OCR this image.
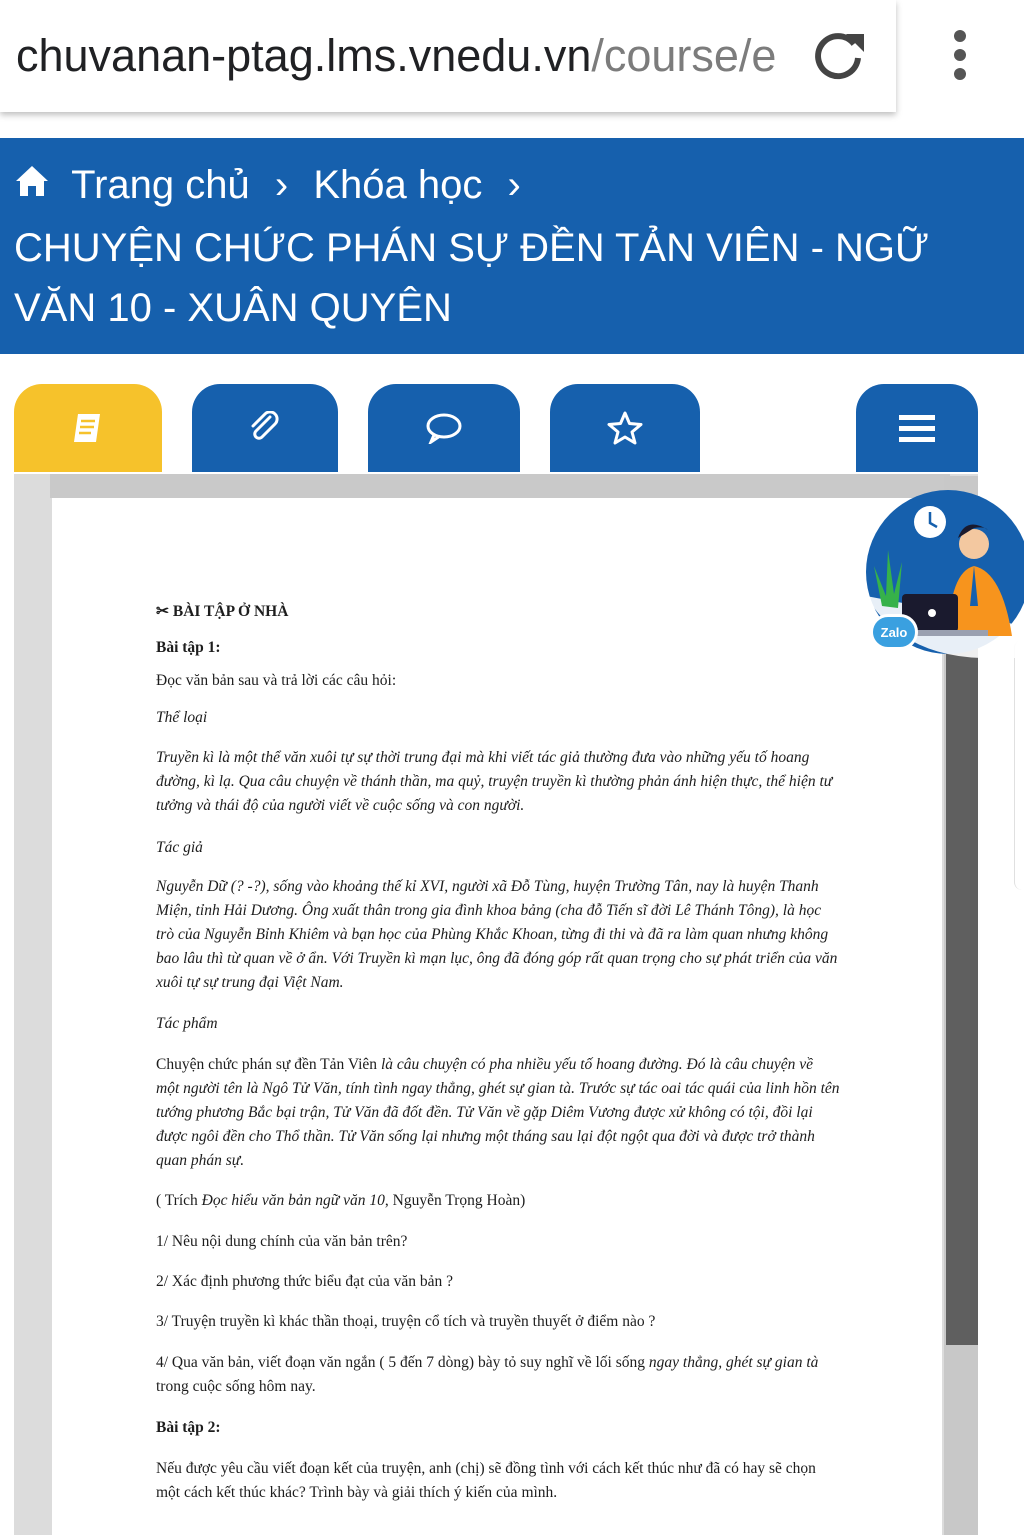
chuvanan-ptag.lms.vnedu.vn/course/e
Trang chủ › Khóa học ›
CHUYỆN CHỨC PHÁN SỰ ĐỀN TẢN VIÊN - NGỮ VĂN 10 - XUÂN QUYÊN

✂ BÀI TẬP Ở NHÀ

Bài tập 1:

Đọc văn bản sau và trả lời các câu hỏi:

Thể loại

Truyền kì là một thể văn xuôi tự sự thời trung đại mà khi viết tác giả thường đưa vào những yếu tố hoang đường, kì lạ. Qua câu chuyện về thánh thần, ma quỷ, truyện truyền kì thường phản ánh hiện thực, thể hiện tư tưởng và thái độ của người viết về cuộc sống và con người.

Tác giả

Nguyễn Dữ (? -?), sống vào khoảng thế kỉ XVI, người xã Đỗ Tùng, huyện Trường Tân, nay là huyện Thanh Miện, tỉnh Hải Dương. Ông xuất thân trong gia đình khoa bảng (cha đỗ Tiến sĩ đời Lê Thánh Tông), là học trò của Nguyễn Bỉnh Khiêm và bạn học của Phùng Khắc Khoan, từng đi thi và đã ra làm quan nhưng không bao lâu thì từ quan về ở ẩn. Với Truyền kì mạn lục, ông đã đóng góp rất quan trọng cho sự phát triển của văn xuôi tự sự trung đại Việt Nam.

Tác phẩm

Chuyện chức phán sự đền Tản Viên là câu chuyện có pha nhiều yếu tố hoang đường. Đó là câu chuyện về một người tên là Ngô Tử Văn, tính tình ngay thẳng, ghét sự gian tà. Trước sự tác oai tác quái của linh hồn tên tướng phương Bắc bại trận, Tử Văn đã đốt đền. Tử Văn về gặp Diêm Vương được xử không có tội, đồi lại được ngôi đền cho Thổ thần. Tử Văn sống lại nhưng một tháng sau lại đột ngột qua đời và được trở thành quan phán sự.

( Trích Đọc hiểu văn bản ngữ văn 10, Nguyễn Trọng Hoàn)

1/ Nêu nội dung chính của văn bản trên?

2/ Xác định phương thức biểu đạt của văn bản ?

3/ Truyện truyền kì khác thần thoại, truyện cổ tích và truyền thuyết ở điểm nào ?

4/ Qua văn bản, viết đoạn văn ngắn ( 5 đến 7 dòng) bày tỏ suy nghĩ về lối sống ngay thẳng, ghét sự gian tà trong cuộc sống hôm nay.

Bài tập 2:

Nếu được yêu cầu viết đoạn kết của truyện, anh (chị) sẽ đồng tình với cách kết thúc như đã có hay sẽ chọn một cách kết thúc khác? Trình bày và giải thích ý kiến của mình.

Zalo
